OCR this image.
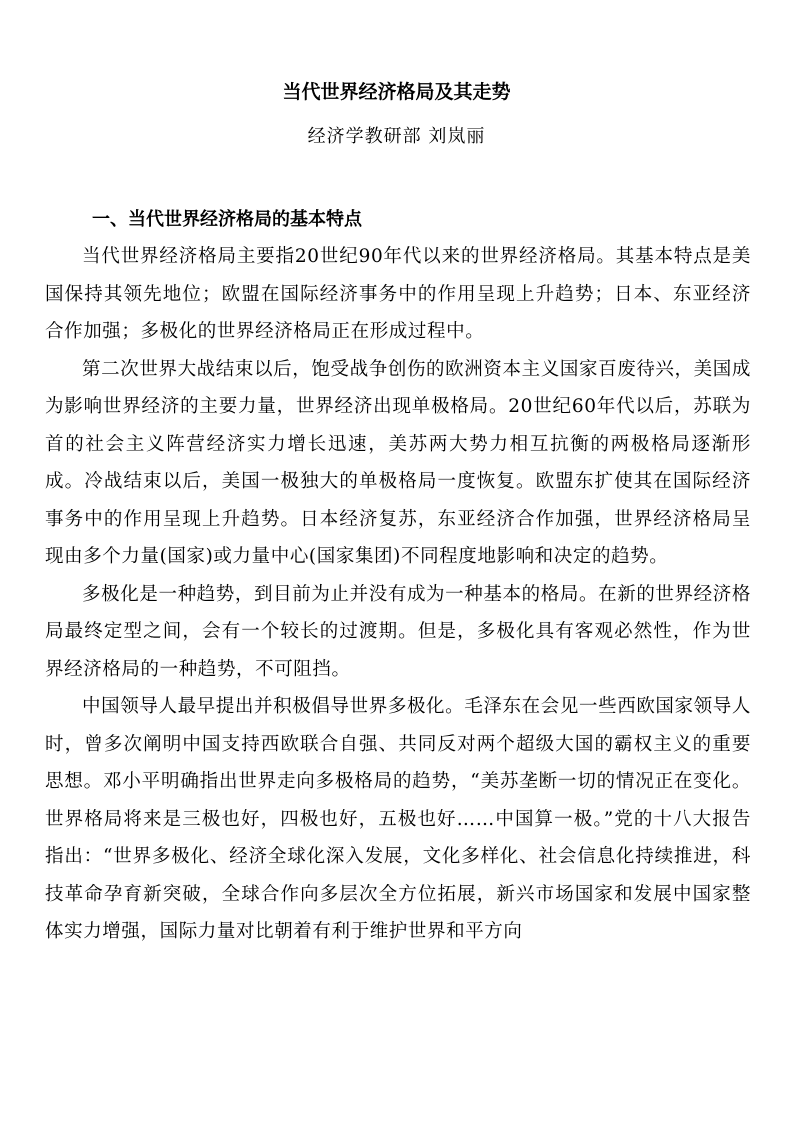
当代世界经济格局及其走势
经济学教研部 刘岚丽
一、当代世界经济格局的基本特点

当代世界经济格局主要指20世纪90年代以来的世界经济格局。其基本特点是美国保持其领先地位；欧盟在国际经济事务中的作用呈现上升趋势；日本、东亚经济合作加强；多极化的世界经济格局正在形成过程中。

第二次世界大战结束以后，饱受战争创伤的欧洲资本主义国家百废待兴，美国成为影响世界经济的主要力量，世界经济出现单极格局。20世纪60年代以后，苏联为首的社会主义阵营经济实力增长迅速，美苏两大势力相互抗衡的两极格局逐渐形成。冷战结束以后，美国一极独大的单极格局一度恢复。欧盟东扩使其在国际经济事务中的作用呈现上升趋势。日本经济复苏，东亚经济合作加强，世界经济格局呈现由多个力量(国家)或力量中心(国家集团)不同程度地影响和决定的趋势。

多极化是一种趋势，到目前为止并没有成为一种基本的格局。在新的世界经济格局最终定型之间，会有一个较长的过渡期。但是，多极化具有客观必然性，作为世界经济格局的一种趋势，不可阻挡。

中国领导人最早提出并积极倡导世界多极化。毛泽东在会见一些西欧国家领导人时，曾多次阐明中国支持西欧联合自强、共同反对两个超级大国的霸权主义的重要思想。邓小平明确指出世界走向多极格局的趋势，“美苏垄断一切的情况正在变化。世界格局将来是三极也好，四极也好，五极也好……中国算一极。”党的十八大报告指出：“世界多极化、经济全球化深入发展，文化多样化、社会信息化持续推进，科技革命孕育新突破，全球合作向多层次全方位拓展，新兴市场国家和发展中国家整体实力增强，国际力量对比朝着有利于维护世界和平方向
